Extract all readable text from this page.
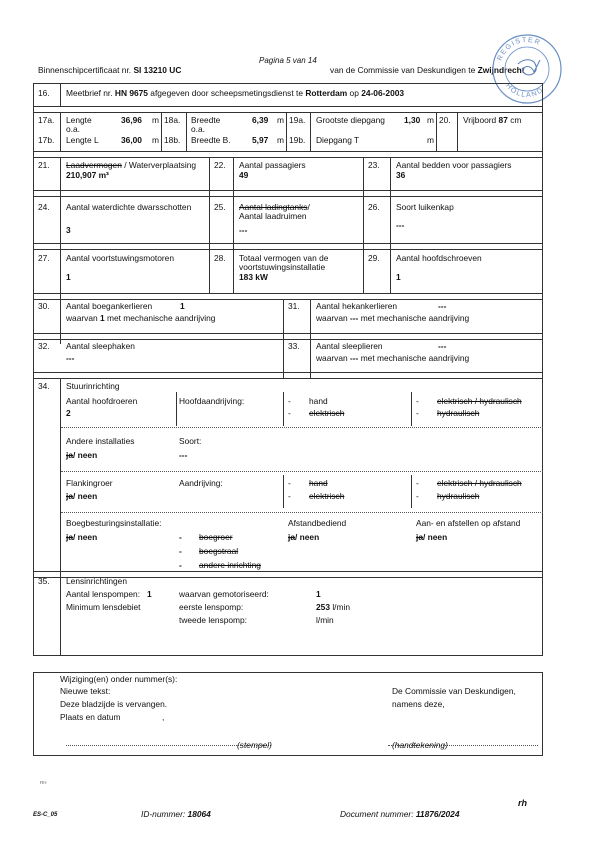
Pagina 5 van 14
Binnenschipcertificaat nr. SI 13210 UC	van de Commissie van Deskundigen te Zwijndrecht
REGISTER
HOLLAND
16. Meetbrief nr. HN 9675 afgegeven door scheepsmetingsdienst te Rotterdam op 24-06-2003
17a. Lengte	36,96 m
o.a.
17b. Lengte L	36,00 m
18a. Breedte	6,39 m
o.a.
18b. Breedte B.	5,97 m
19a. Grootste diepgang 1,30 m
19b. Diepgang T	m
20. Vrijboord 87 cm
21. Laadvermogen / Waterverplaatsing
210,907 m³
22. Aantal passagiers
49
23. Aantal bedden voor passagiers
36
24. Aantal waterdichte dwarsschotten
3
25. Aantal ladingtanks/
Aantal laadruimen
---
26. Soort luikenkap
---
27. Aantal voortstuwingsmotoren
1
28. Totaal vermogen van de
voortstuwingsinstallatie
183 kW
29. Aantal hoofdschroeven
1
30. Aantal boegankerlieren	1
waarvan 1 met mechanische aandrijving
31. Aantal hekankerlieren	---
waarvan --- met mechanische aandrijving
32. Aantal sleephaken
---
33. Aantal sleeplieren	---
waarvan --- met mechanische aandrijving
34. Stuurinrichting
Aantal hoofdroeren
2
Hoofdaandrijving:	- hand
- elektrisch
- elektrisch / hydraulisch
- hydraulisch
Andere installaties	Soort:
ja/ neen	---
Flankingroer
ja/ neen
Aandrijving:	- hand
- elektrisch
- elektrisch / hydraulisch
- hydraulisch
Boegbesturingsinstallatie:
ja/ neen	- boegroer
- boegstraal
- andere inrichting
Afstandbediend
ja/ neen
Aan- en afstellen op afstand
ja/ neen
35. Lensinrichtingen
Aantal lenspompen: 1	waarvan gemotoriseerd:	1
Minimum lensdebiet	eerste lenspomp:	253 l/min
tweede lenspomp:	l/min
Wijziging(en) onder nummer(s):
Nieuwe tekst:
Deze bladzijde is vervangen.
Plaats en datum	,
De Commissie van Deskundigen,
namens deze,
(stempel)	(handtekening)
RH
rh
ES-C_05	ID-nummer: 18064	Document nummer: 11876/2024
